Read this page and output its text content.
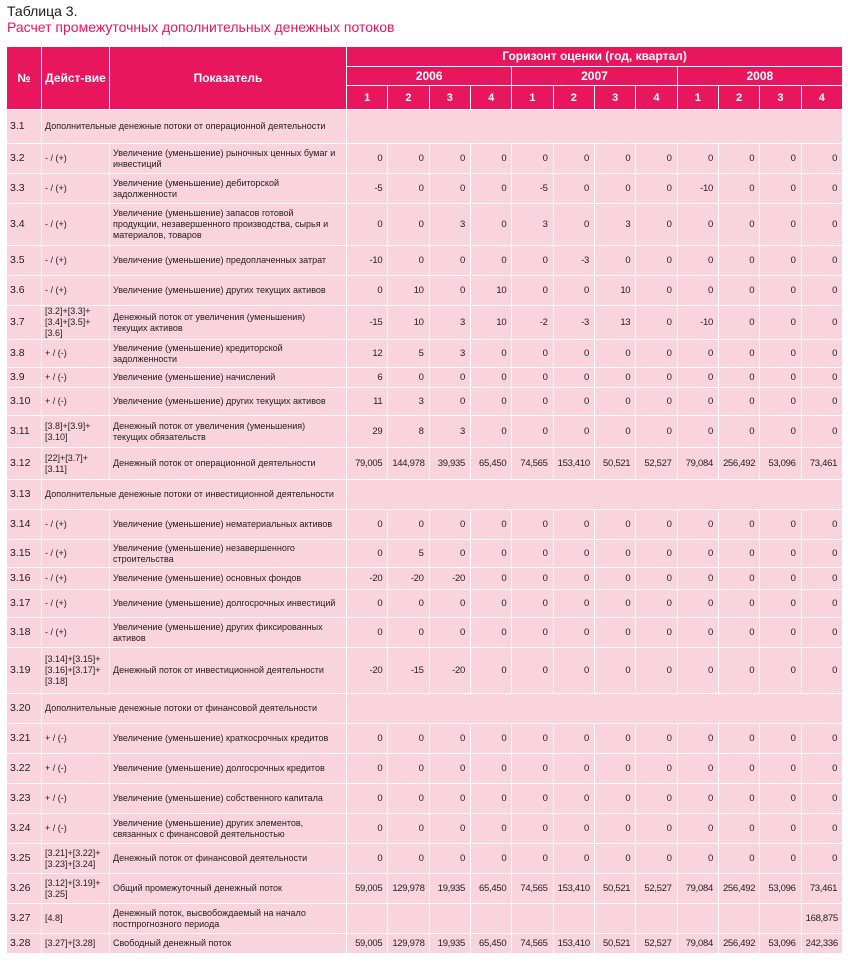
Таблица 3.
Расчет промежуточных дополнительных денежных потоков
№	Дейст-вие	Показатель	Горизонт оценки (год, квартал)											
			2006				2007				2008			
			1	2	3	4	1	2	3	4	1	2	3	4
3.1	Дополнительные денежные потоки от операционной деятельности													
3.2	- / (+)	Увеличение (уменьшение) рыночных ценных бумаг и инвестиций	0	0	0	0	0	0	0	0	0	0	0	0
3.3	- / (+)	Увеличение (уменьшение) дебиторской задолженности	-5	0	0	0	-5	0	0	0	-10	0	0	0
3.4	- / (+)	Увеличение (уменьшение) запасов готовой продукции, незавершенного производства, сырья и материалов, товаров	0	0	3	0	3	0	3	0	0	0	0	0
3.5	- / (+)	Увеличение (уменьшение) предоплаченных затрат	-10	0	0	0	0	-3	0	0	0	0	0	0
3.6	- / (+)	Увеличение (уменьшение) других текущих активов	0	10	0	10	0	0	10	0	0	0	0	0
3.7	[3.2]+[3.3]+[3.4]+[3.5]+[3.6]	Денежный поток от увеличения (уменьшения) текущих активов	-15	10	3	10	-2	-3	13	0	-10	0	0	0
3.8	+ / (-)	Увеличение (уменьшение) кредиторской задолженности	12	5	3	0	0	0	0	0	0	0	0	0
3.9	+ / (-)	Увеличение (уменьшение) начислений	6	0	0	0	0	0	0	0	0	0	0	0
3.10	+ / (-)	Увеличение (уменьшение) других текущих активов	11	3	0	0	0	0	0	0	0	0	0	0
3.11	[3.8]+[3.9]+[3.10]	Денежный поток от увеличения (уменьшения) текущих обязательств	29	8	3	0	0	0	0	0	0	0	0	0
3.12	[22]+[3.7]+[3.11]	Денежный поток от операционной деятельности	79,005	144,978	39,935	65,450	74,565	153,410	50,521	52,527	79,084	256,492	53,096	73,461
3.13	Дополнительные денежные потоки от инвестиционной деятельности													
3.14	- / (+)	Увеличение (уменьшение) нематериальных активов	0	0	0	0	0	0	0	0	0	0	0	0
3.15	- / (+)	Увеличение (уменьшение) незавершенного строительства	0	5	0	0	0	0	0	0	0	0	0	0
3.16	- / (+)	Увеличение (уменьшение) основных фондов	-20	-20	-20	0	0	0	0	0	0	0	0	0
3.17	- / (+)	Увеличение (уменьшение) долгосрочных инвестиций	0	0	0	0	0	0	0	0	0	0	0	0
3.18	- / (+)	Увеличение (уменьшение) других фиксированных активов	0	0	0	0	0	0	0	0	0	0	0	0
3.19	[3.14]+[3.15]+[3.16]+[3.17]+[3.18]	Денежный поток от инвестиционной деятельности	-20	-15	-20	0	0	0	0	0	0	0	0	0
3.20	Дополнительные денежные потоки от финансовой деятельности													
3.21	+ / (-)	Увеличение (уменьшение) краткосрочных кредитов	0	0	0	0	0	0	0	0	0	0	0	0
3.22	+ / (-)	Увеличение (уменьшение) долгосрочных кредитов	0	0	0	0	0	0	0	0	0	0	0	0
3.23	+ / (-)	Увеличение (уменьшение) собственного капитала	0	0	0	0	0	0	0	0	0	0	0	0
3.24	+ / (-)	Увеличение (уменьшение) других элементов, связанных с финансовой деятельностью	0	0	0	0	0	0	0	0	0	0	0	0
3.25	[3.21]+[3.22]+[3.23]+[3.24]	Денежный поток от финансовой деятельности	0	0	0	0	0	0	0	0	0	0	0	0
3.26	[3.12]+[3.19]+[3.25]	Общий промежуточный денежный поток	59,005	129,978	19,935	65,450	74,565	153,410	50,521	52,527	79,084	256,492	53,096	73,461
3.27	[4.8]	Денежный поток, высвобождаемый на начало постпрогнозного периода												168,875
3.28	[3.27]+[3.28]	Свободный денежный поток	59,005	129,978	19,935	65,450	74,565	153,410	50,521	52,527	79,084	256,492	53,096	242,336
